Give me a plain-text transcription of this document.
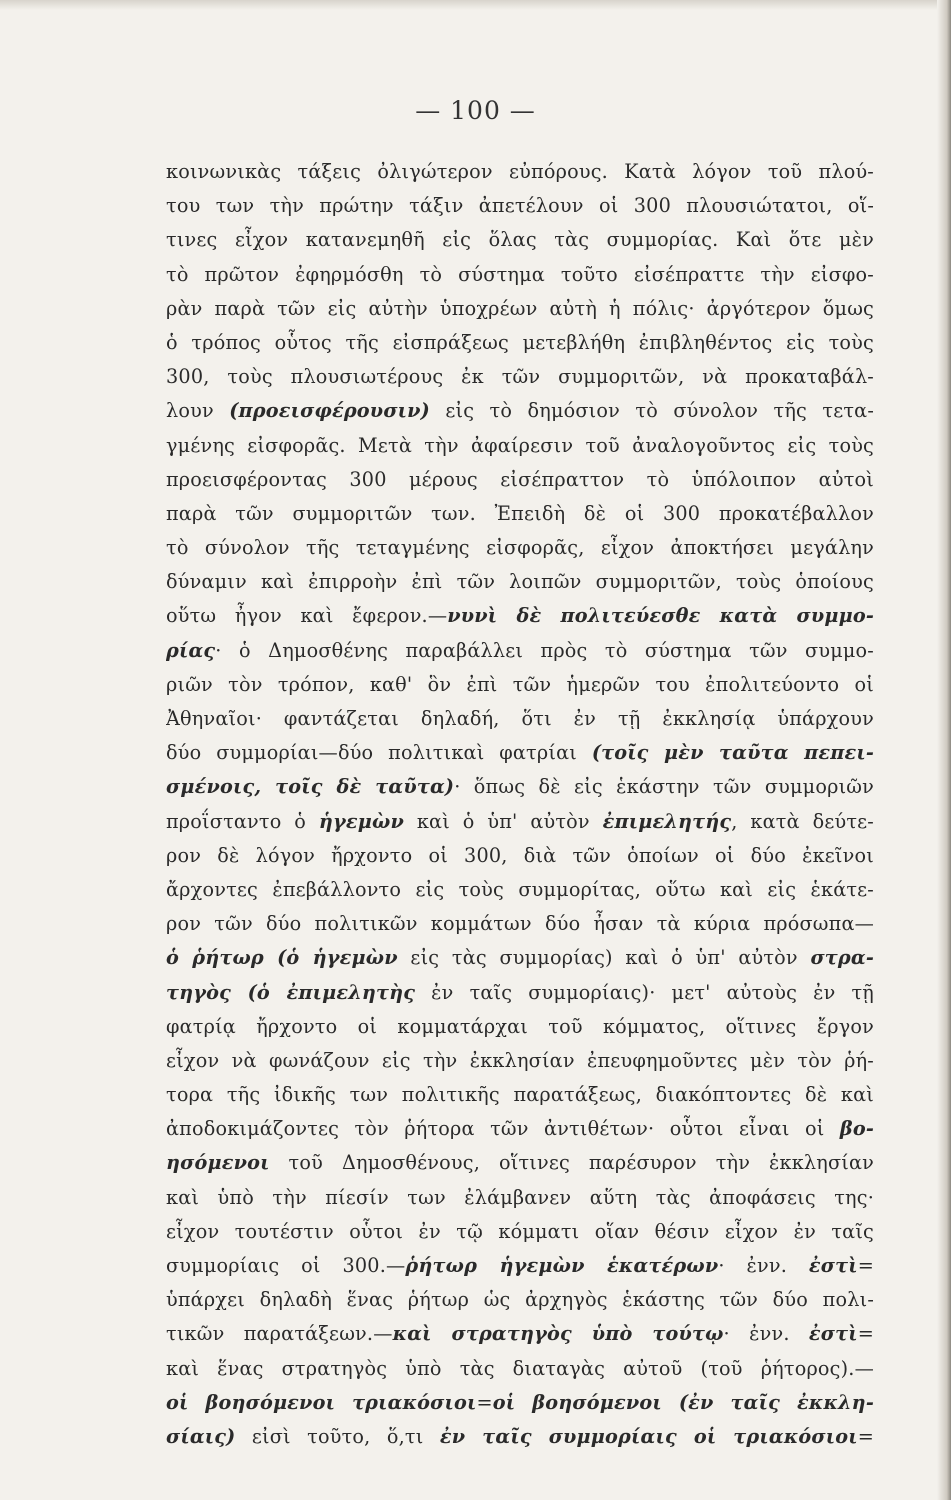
— 100 —
κοινωνικὰς τάξεις ὀλιγώτερον εὐπόρους. Κατὰ λόγον τοῦ πλού-
του των τὴν πρώτην τάξιν ἀπετέλουν οἱ 300 πλουσιώτατοι, οἵ-
τινες εἶχον κατανεμηθῆ εἰς ὅλας τὰς συμμορίας. Καὶ ὅτε μὲν
τὸ πρῶτον ἐφηρμόσθη τὸ σύστημα τοῦτο εἰσέπραττε τὴν εἰσφο-
ρὰν παρὰ τῶν εἰς αὐτὴν ὑποχρέων αὐτὴ ἡ πόλις· ἀργότερον ὅμως
ὁ τρόπος οὗτος τῆς εἰσπράξεως μετεβλήθη ἐπιβληθέντος εἰς τοὺς
300, τοὺς πλουσιωτέρους ἐκ τῶν συμμοριτῶν, νὰ προκαταβάλ-
λουν (προεισφέρουσιν) εἰς τὸ δημόσιον τὸ σύνολον τῆς τετα-
γμένης εἰσφορᾶς. Μετὰ τὴν ἀφαίρεσιν τοῦ ἀναλογοῦντος εἰς τοὺς
προεισφέροντας 300 μέρους εἰσέπραττον τὸ ὑπόλοιπον αὐτοὶ
παρὰ τῶν συμμοριτῶν των. Ἐπειδὴ δὲ οἱ 300 προκατέβαλλον
τὸ σύνολον τῆς τεταγμένης εἰσφορᾶς, εἶχον ἀποκτήσει μεγάλην
δύναμιν καὶ ἐπιρροὴν ἐπὶ τῶν λοιπῶν συμμοριτῶν, τοὺς ὁποίους
οὕτω ἦγον καὶ ἔφερον.—νυνὶ δὲ πολιτεύεσθε κατὰ συμμο-
ρίας· ὁ Δημοσθένης παραβάλλει πρὸς τὸ σύστημα τῶν συμμο-
ριῶν τὸν τρόπον, καθ' ὃν ἐπὶ τῶν ἡμερῶν του ἐπολιτεύοντο οἱ
Ἀθηναῖοι· φαντάζεται δηλαδή, ὅτι ἐν τῇ ἐκκλησίᾳ ὑπάρχουν
δύο συμμορίαι—δύο πολιτικαὶ φατρίαι (τοῖς μὲν ταῦτα πεπει-
σμένοις, τοῖς δὲ ταῦτα)· ὅπως δὲ εἰς ἑκάστην τῶν συμμοριῶν
προΐσταντο ὁ ἡγεμὼν καὶ ὁ ὑπ' αὐτὸν ἐπιμελητής, κατὰ δεύτε-
ρον δὲ λόγον ἤρχοντο οἱ 300, διὰ τῶν ὁποίων οἱ δύο ἐκεῖνοι
ἄρχοντες ἐπεβάλλοντο εἰς τοὺς συμμορίτας, οὕτω καὶ εἰς ἑκάτε-
ρον τῶν δύο πολιτικῶν κομμάτων δύο ἦσαν τὰ κύρια πρόσωπα—
ὁ ῥήτωρ (ὁ ἡγεμὼν εἰς τὰς συμμορίας) καὶ ὁ ὑπ' αὐτὸν στρα-
τηγὸς (ὁ ἐπιμελητὴς ἐν ταῖς συμμορίαις)· μετ' αὐτοὺς ἐν τῇ
φατρίᾳ ἤρχοντο οἱ κομματάρχαι τοῦ κόμματος, οἵτινες ἔργον
εἶχον νὰ φωνάζουν εἰς τὴν ἐκκλησίαν ἐπευφημοῦντες μὲν τὸν ῥή-
τορα τῆς ἰδικῆς των πολιτικῆς παρατάξεως, διακόπτοντες δὲ καὶ
ἀποδοκιμάζοντες τὸν ῥήτορα τῶν ἀντιθέτων· οὗτοι εἶναι οἱ βο-
ησόμενοι τοῦ Δημοσθένους, οἵτινες παρέσυρον τὴν ἐκκλησίαν
καὶ ὑπὸ τὴν πίεσίν των ἐλάμβανεν αὕτη τὰς ἀποφάσεις της·
εἶχον τουτέστιν οὗτοι ἐν τῷ κόμματι οἵαν θέσιν εἶχον ἐν ταῖς
συμμορίαις οἱ 300.—ῥήτωρ ἡγεμὼν ἑκατέρων· ἐνν. ἐστὶ=
ὑπάρχει δηλαδὴ ἕνας ῥήτωρ ὡς ἀρχηγὸς ἑκάστης τῶν δύο πολι-
τικῶν παρατάξεων.—καὶ στρατηγὸς ὑπὸ τούτῳ· ἐνν. ἐστὶ=
καὶ ἕνας στρατηγὸς ὑπὸ τὰς διαταγὰς αὐτοῦ (τοῦ ῥήτορος).—
οἱ βοησόμενοι τριακόσιοι=οἱ βοησόμενοι (ἐν ταῖς ἐκκλη-
σίαις) εἰσὶ τοῦτο, ὅ,τι ἐν ταῖς συμμορίαις οἱ τριακόσιοι=
